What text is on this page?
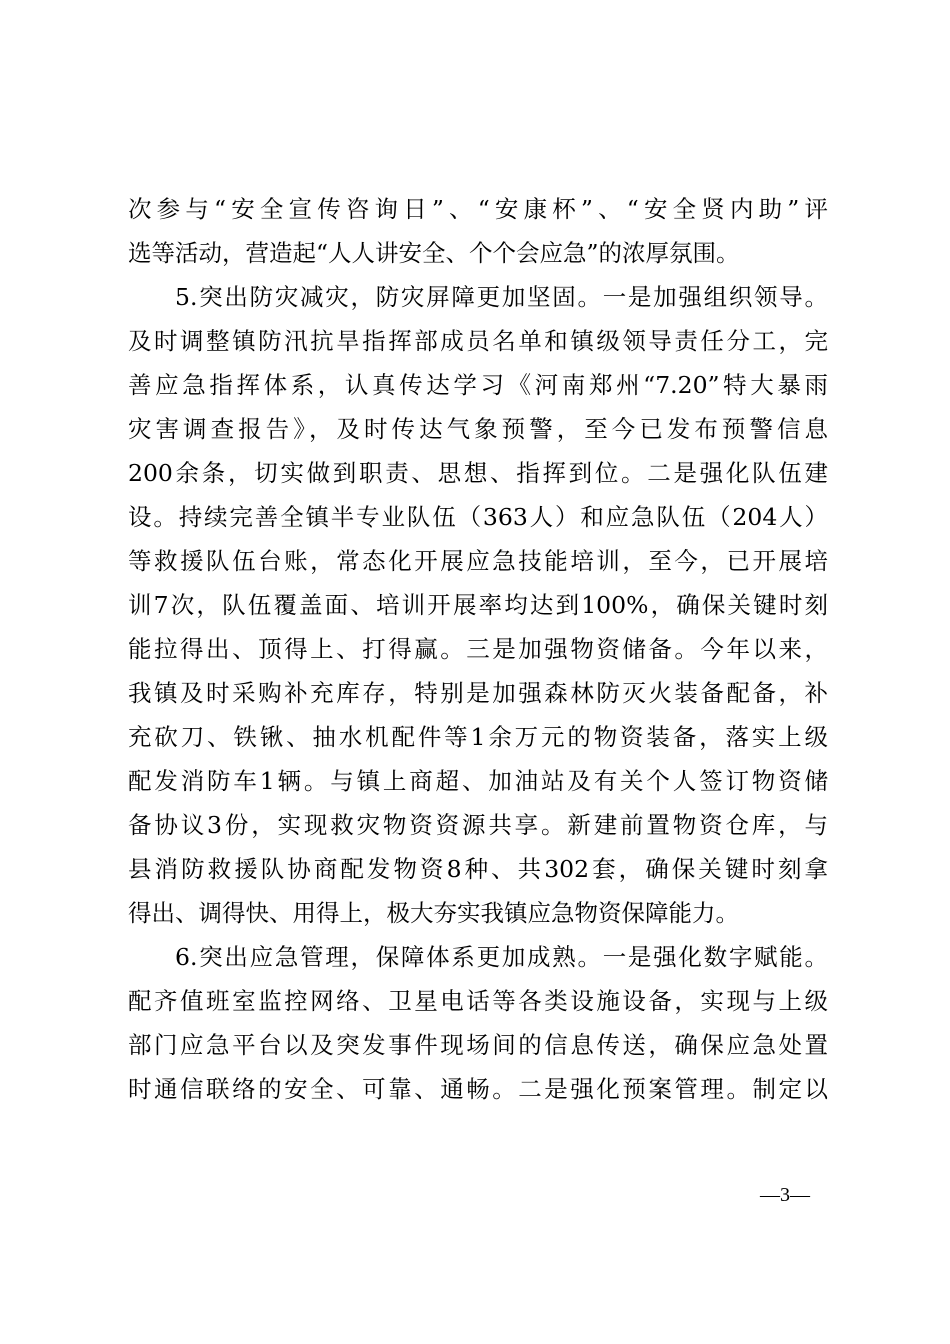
次参与“安全宣传咨询日”、“安康杯”、“安全贤内助”评
选等活动，营造起“人人讲安全、个个会应急”的浓厚氛围。
5.突出防灾减灾，防灾屏障更加坚固。一是加强组织领导。
及时调整镇防汛抗旱指挥部成员名单和镇级领导责任分工，完
善应急指挥体系，认真传达学习《河南郑州“7.20”特大暴雨
灾害调查报告》，及时传达气象预警，至今已发布预警信息
200余条，切实做到职责、思想、指挥到位。二是强化队伍建
设。持续完善全镇半专业队伍（363人）和应急队伍（204人）
等救援队伍台账，常态化开展应急技能培训，至今，已开展培
训7次，队伍覆盖面、培训开展率均达到100%，确保关键时刻
能拉得出、顶得上、打得赢。三是加强物资储备。今年以来，
我镇及时采购补充库存，特别是加强森林防灭火装备配备，补
充砍刀、铁锹、抽水机配件等1余万元的物资装备，落实上级
配发消防车1辆。与镇上商超、加油站及有关个人签订物资储
备协议3份，实现救灾物资资源共享。新建前置物资仓库，与
县消防救援队协商配发物资8种、共302套，确保关键时刻拿
得出、调得快、用得上，极大夯实我镇应急物资保障能力。
6.突出应急管理，保障体系更加成熟。一是强化数字赋能。
配齐值班室监控网络、卫星电话等各类设施设备，实现与上级
部门应急平台以及突发事件现场间的信息传送，确保应急处置
时通信联络的安全、可靠、通畅。二是强化预案管理。制定以
—3—
